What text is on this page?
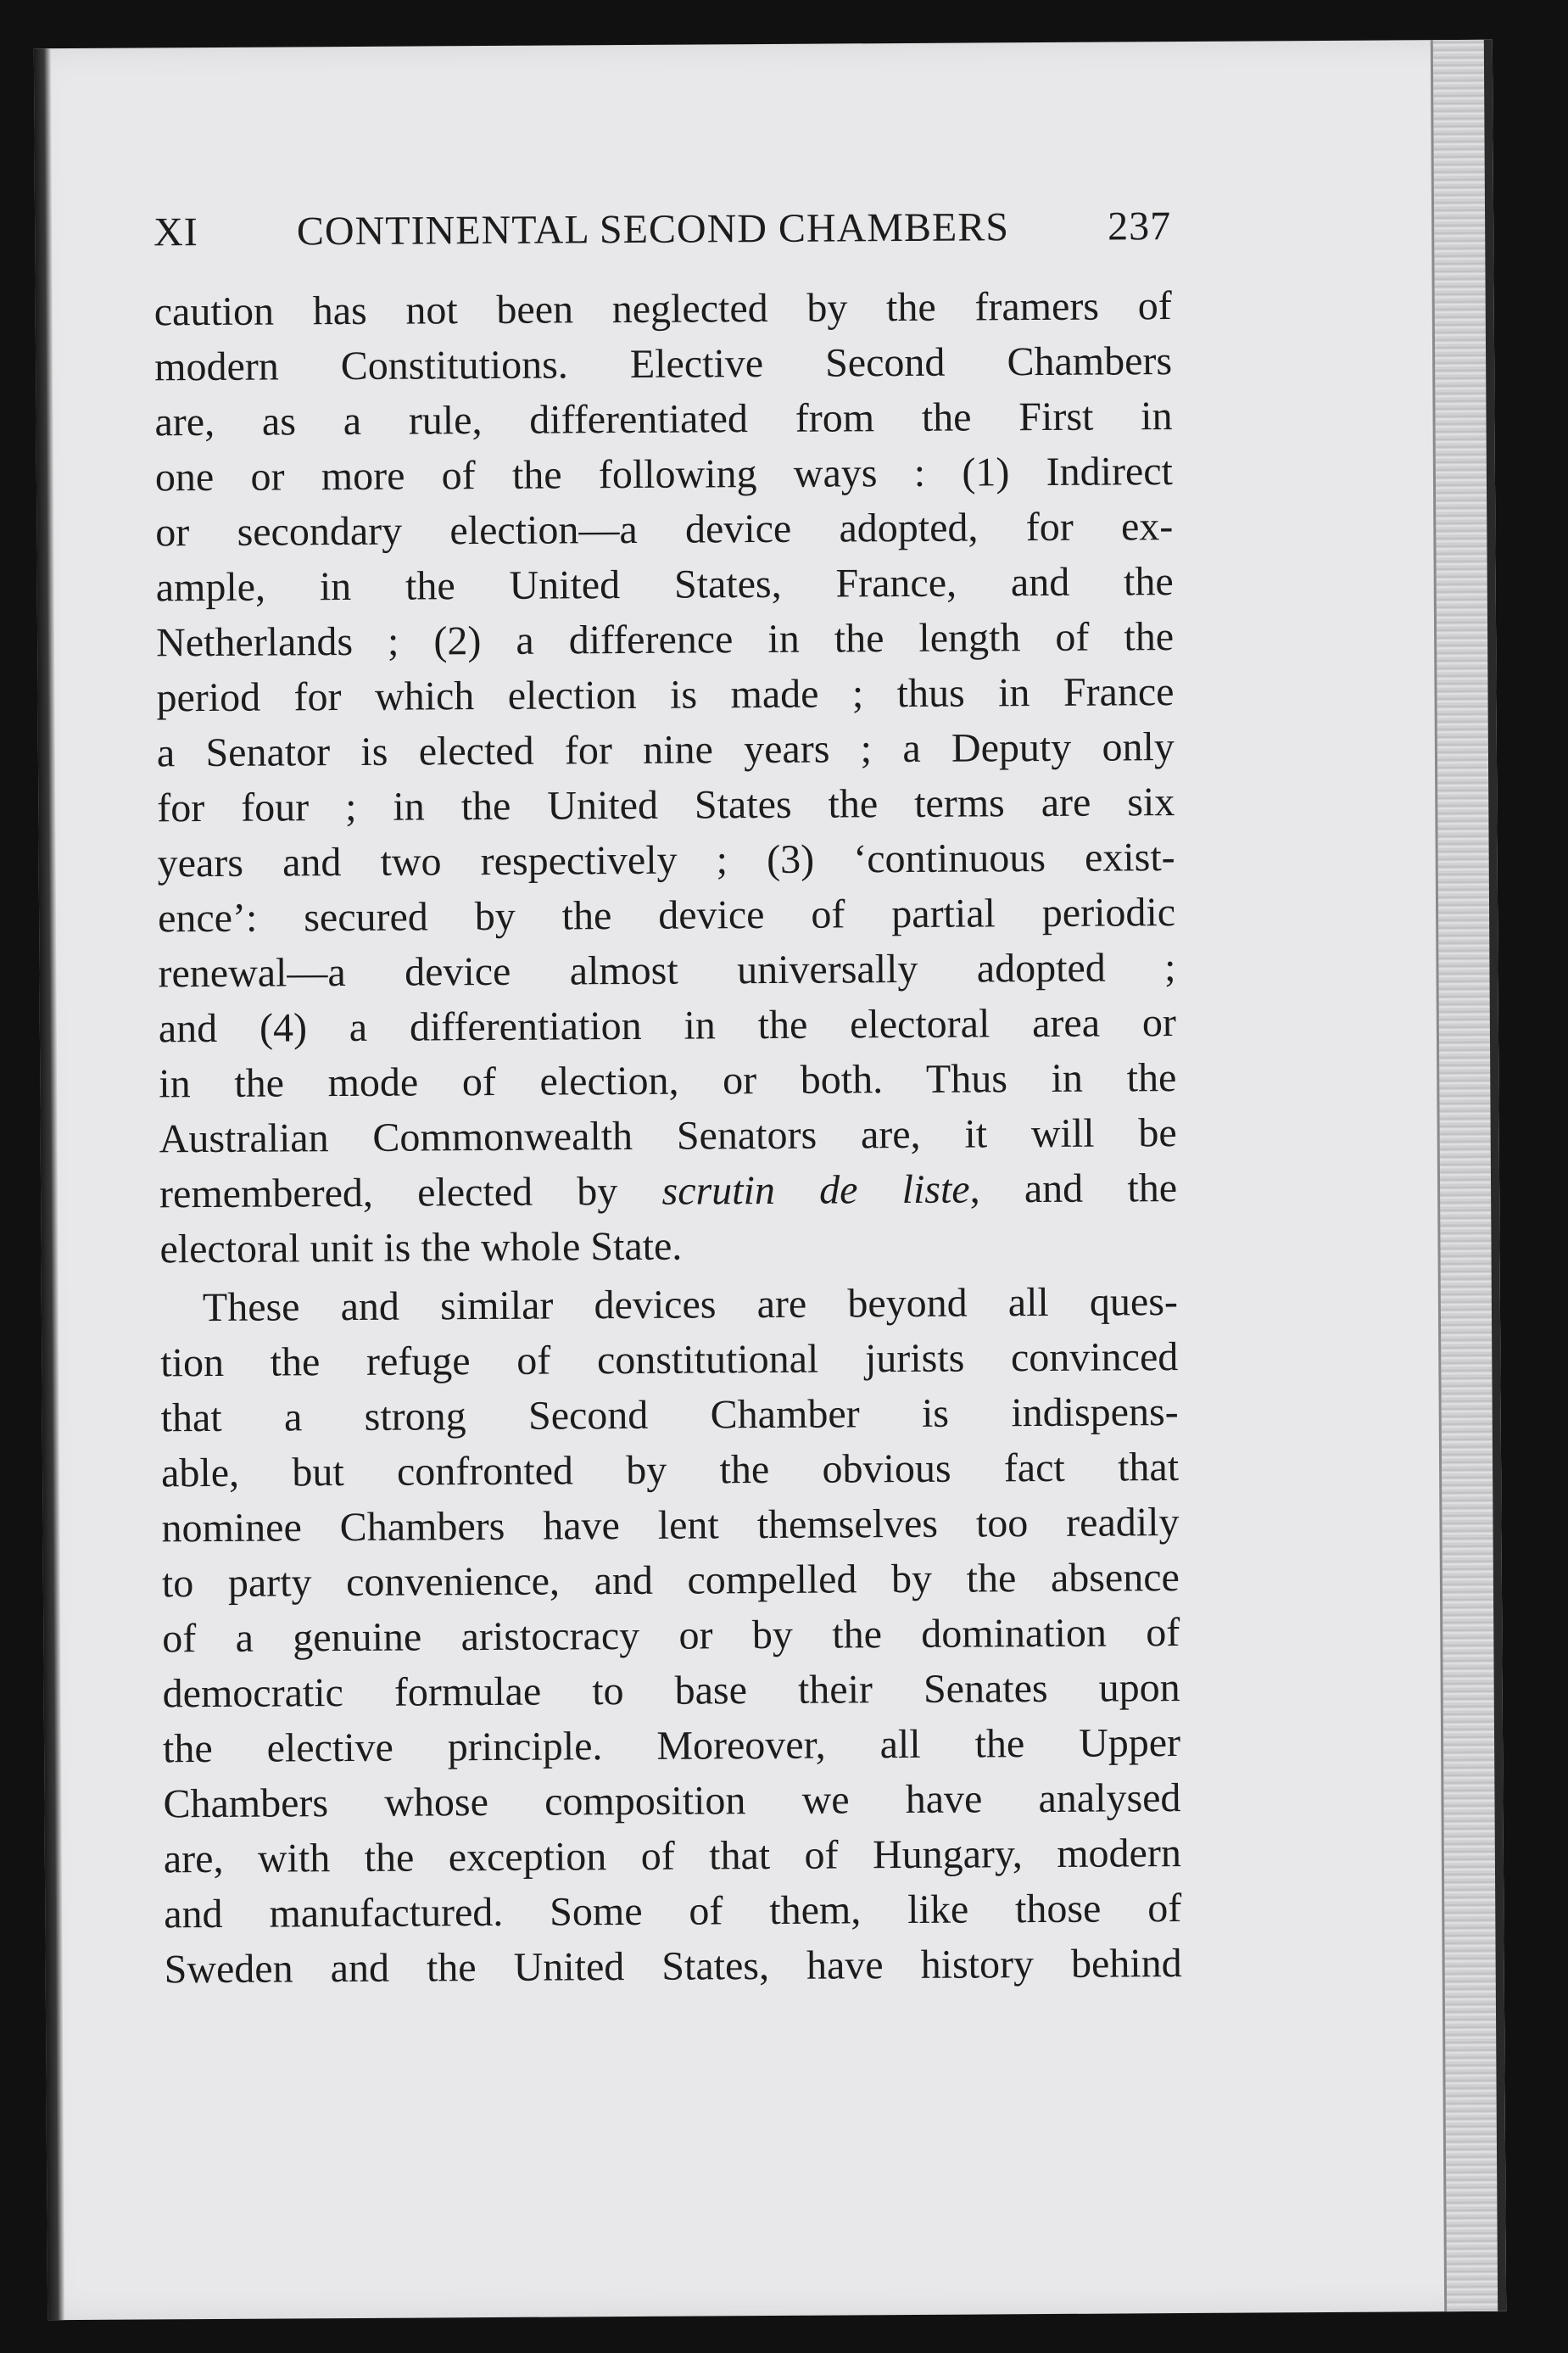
XI	CONTINENTAL SECOND CHAMBERS	237
caution has not been neglected by the framers of
modern Constitutions. Elective Second Chambers
are, as a rule, differentiated from the First in
one or more of the following ways : (1) Indirect
or secondary election—a device adopted, for ex-
ample, in the United States, France, and the
Netherlands ; (2) a difference in the length of the
period for which election is made ; thus in France
a Senator is elected for nine years ; a Deputy only
for four ; in the United States the terms are six
years and two respectively ; (3) ‘continuous exist-
ence’: secured by the device of partial periodic
renewal—a device almost universally adopted ;
and (4) a differentiation in the electoral area or
in the mode of election, or both. Thus in the
Australian Commonwealth Senators are, it will be
remembered, elected by scrutin de liste, and the
electoral unit is the whole State.
These and similar devices are beyond all ques-
tion the refuge of constitutional jurists convinced
that a strong Second Chamber is indispens-
able, but confronted by the obvious fact that
nominee Chambers have lent themselves too readily
to party convenience, and compelled by the absence
of a genuine aristocracy or by the domination of
democratic formulae to base their Senates upon
the elective principle. Moreover, all the Upper
Chambers whose composition we have analysed
are, with the exception of that of Hungary, modern
and manufactured. Some of them, like those of
Sweden and the United States, have history behind
